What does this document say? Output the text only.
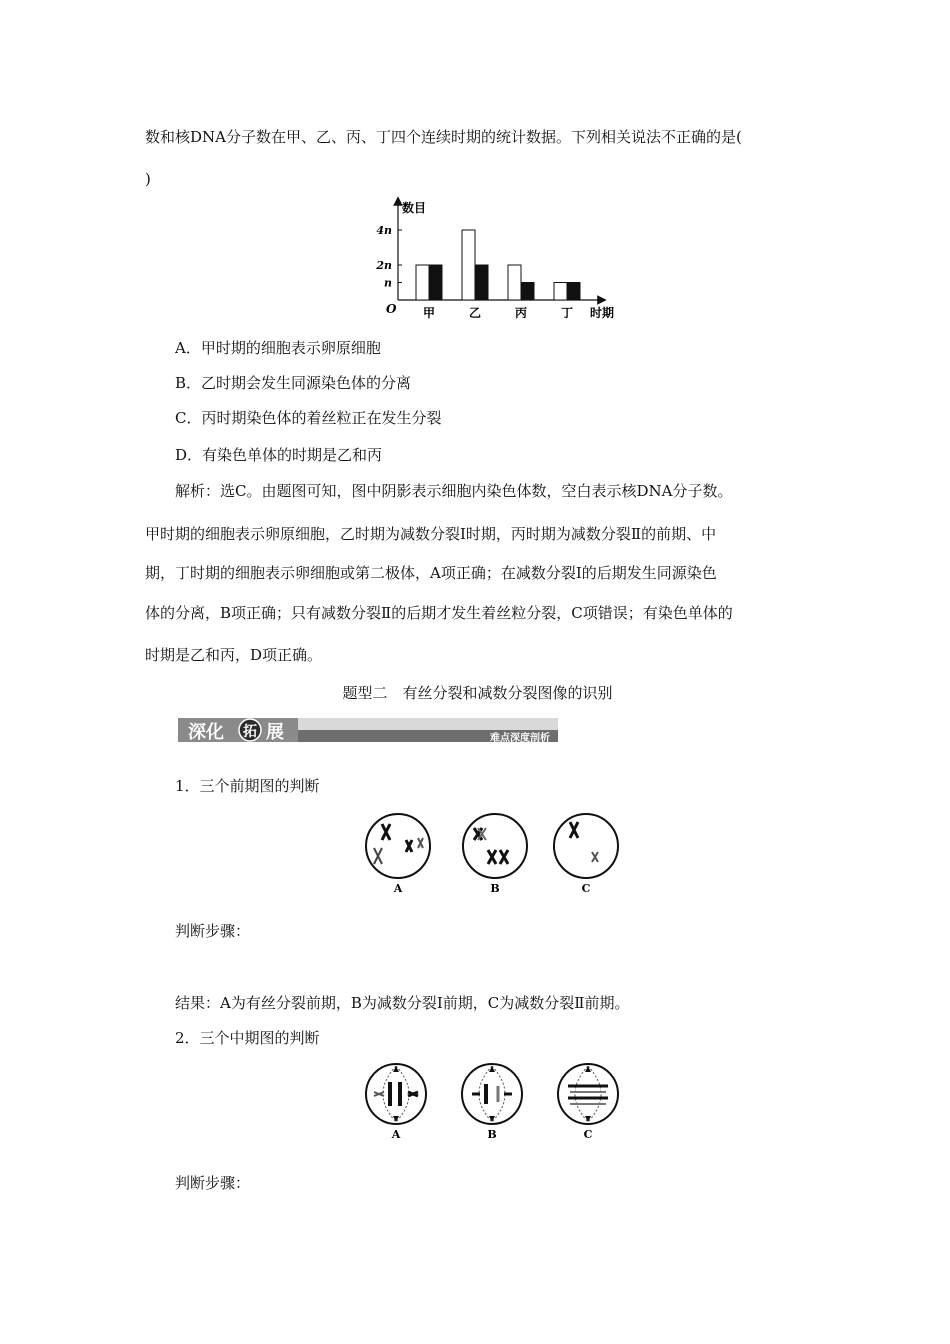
数和核DNA分子数在甲、乙、丙、丁四个连续时期的统计数据。下列相关说法不正确的是(
)
数目
O
4n
2n
n
甲	乙	丙	丁 时期
A．甲时期的细胞表示卵原细胞
B．乙时期会发生同源染色体的分离
C．丙时期染色体的着丝粒正在发生分裂
D．有染色单体的时期是乙和丙
解析：选C。由题图可知，图中阴影表示细胞内染色体数，空白表示核DNA分子数。
甲时期的细胞表示卵原细胞，乙时期为减数分裂Ⅰ时期，丙时期为减数分裂Ⅱ的前期、中
期，丁时期的细胞表示卵细胞或第二极体，A项正确；在减数分裂Ⅰ的后期发生同源染色
体的分离，B项正确；只有减数分裂Ⅱ的后期才发生着丝粒分裂，C项错误；有染色单体的
时期是乙和丙，D项正确。
题型二　有丝分裂和减数分裂图像的识别
深化 拓 展	难点深度剖析
1．三个前期图的判断
A	B	C
判断步骤：
结果：A为有丝分裂前期，B为减数分裂Ⅰ前期，C为减数分裂Ⅱ前期。
2．三个中期图的判断
A	B	C
判断步骤：
